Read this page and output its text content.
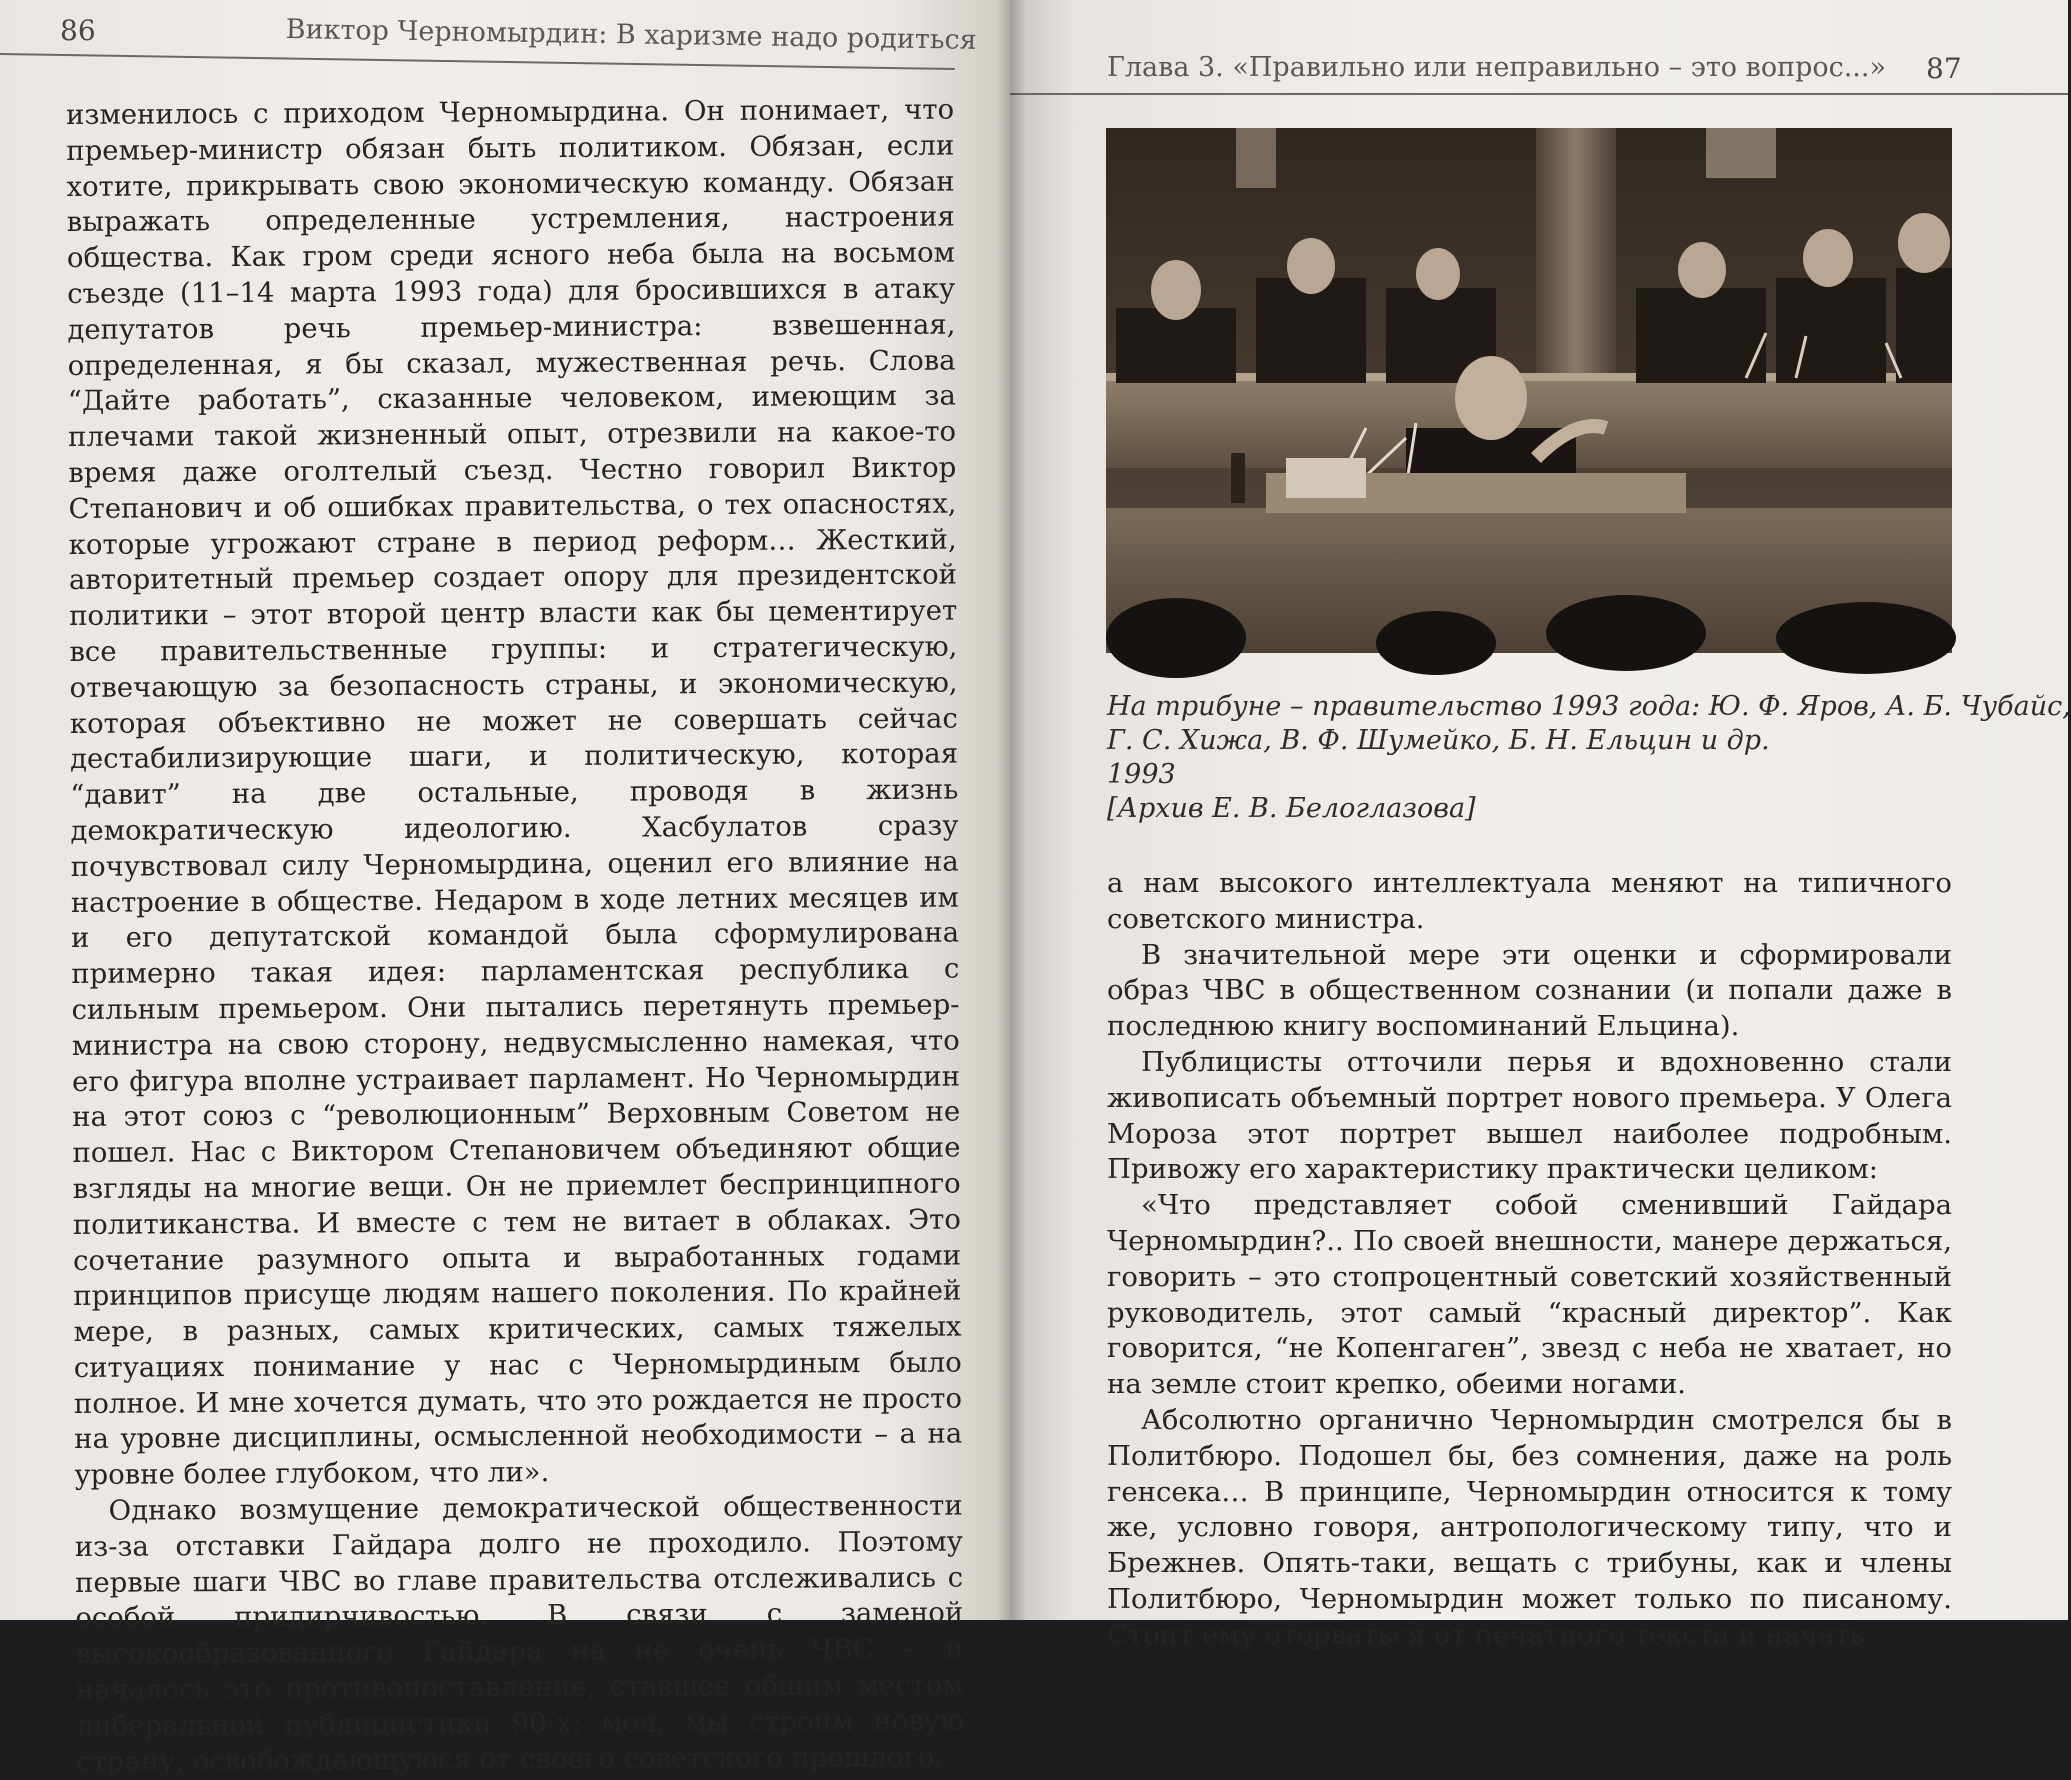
86	Виктор Черномырдин: В харизме надо родиться

изменилось с приходом Черномырдина. Он понимает, что премьер-министр обязан быть политиком. Обязан, если хотите, прикрывать свою экономическую команду. Обязан выражать определенные устремления, настроения общества. Как гром среди ясного неба была на восьмом съезде (11–14 марта 1993 года) для бросившихся в атаку депутатов речь премьер-министра: взвешенная, определенная, я бы сказал, мужественная речь. Слова “Дайте работать”, сказанные человеком, имеющим за плечами такой жизненный опыт, отрезвили на какое-то время даже оголтелый съезд. Честно говорил Виктор Степанович и об ошибках правительства, о тех опасностях, которые угрожают стране в период реформ… Жесткий, авторитетный премьер создает опору для президентской политики – этот второй центр власти как бы цементирует все правительственные группы: и стратегическую, отвечающую за безопасность страны, и экономическую, которая объективно не может не совершать сейчас дестабилизирующие шаги, и политическую, которая “давит” на две остальные, проводя в жизнь демократическую идеологию. Хасбулатов сразу почувствовал силу Черномырдина, оценил его влияние на настроение в обществе. Недаром в ходе летних месяцев им и его депутатской командой была сформулирована примерно такая идея: парламентская республика с сильным премьером. Они пытались перетянуть премьер-министра на свою сторону, недвусмысленно намекая, что его фигура вполне устраивает парламент. Но Черномырдин на этот союз с “революционным” Верховным Советом не пошел. Нас с Виктором Степановичем объединяют общие взгляды на многие вещи. Он не приемлет беспринципного политиканства. И вместе с тем не витает в облаках. Это сочетание разумного опыта и выработанных годами принципов присуще людям нашего поколения. По крайней мере, в разных, самых критических, самых тяжелых ситуациях понимание у нас с Черномырдиным было полное. И мне хочется думать, что это рождается не просто на уровне дисциплины, осмысленной необходимости – а на уровне более глубоком, что ли».

Однако возмущение демократической общественности из-за отставки Гайдара долго не проходило. Поэтому первые шаги ЧВС во главе правительства отслеживались с особой придирчивостью. В связи с заменой высокообразованного Гайдара на не очень ЧВС – и началось это противопоставление, ставшее общим местом либеральной публицистики 90-х: мол, мы строим новую страну, освобождающуюся от своего советского прошлого,

Глава 3. «Правильно или неправильно – это вопрос...» 87
На трибуне – правительство 1993 года: Ю. Ф. Яров, А. Б. Чубайс,
Г. С. Хижа, В. Ф. Шумейко, Б. Н. Ельцин и др.
1993
[Архив Е. В. Белоглазова]

а нам высокого интеллектуала меняют на типичного советского министра.

В значительной мере эти оценки и сформировали образ ЧВС в общественном сознании (и попали даже в последнюю книгу воспоминаний Ельцина).

Публицисты отточили перья и вдохновенно стали живописать объемный портрет нового премьера. У Олега Мороза этот портрет вышел наиболее подробным. Привожу его характеристику практически целиком:

«Что представляет собой сменивший Гайдара Черномырдин?.. По своей внешности, манере держаться, говорить – это стопроцентный советский хозяйственный руководитель, этот самый “красный директор”. Как говорится, “не Копенгаген”, звезд с неба не хватает, но на земле стоит крепко, обеими ногами.

Абсолютно органично Черномырдин смотрелся бы в Политбюро. Подошел бы, без сомнения, даже на роль генсека… В принципе, Черномырдин относится к тому же, условно говоря, антропологическому типу, что и Брежнев. Опять-таки, вещать с трибуны, как и члены Политбюро, Черномырдин может только по писаному. Стоит ему оторваться от печатного текста и начать
